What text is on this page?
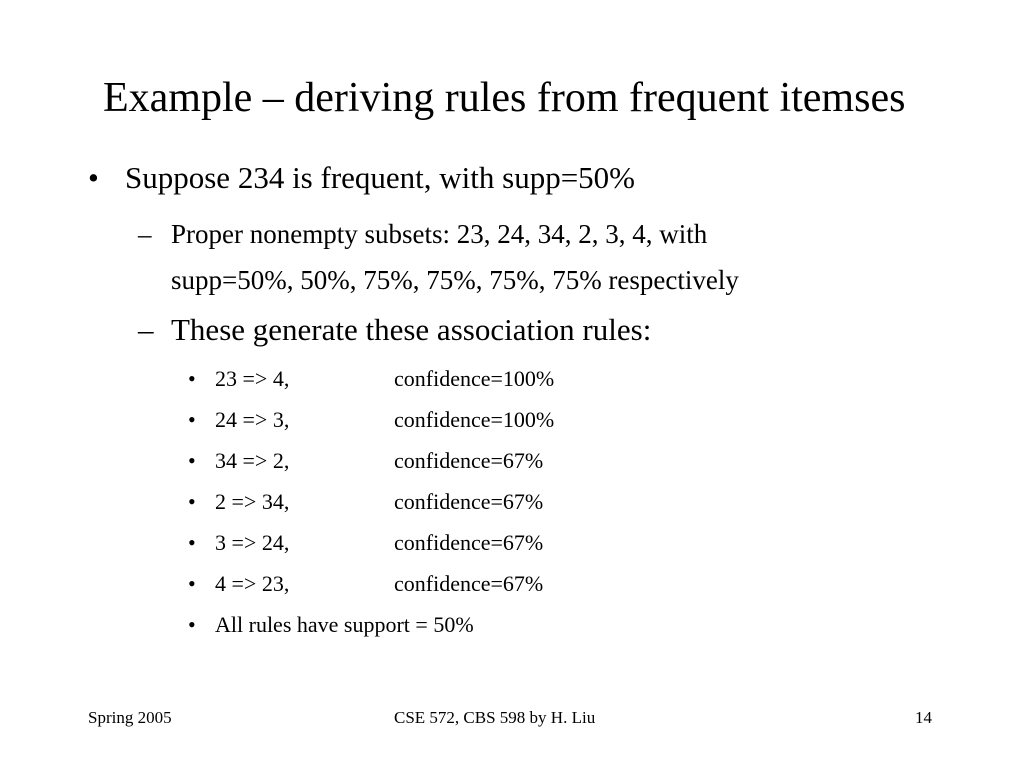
Example – deriving rules from frequent itemses
• Suppose 234 is frequent, with supp=50%
– Proper nonempty subsets: 23, 24, 34, 2, 3, 4, with
supp=50%, 50%, 75%, 75%, 75%, 75% respectively
– These generate these association rules:
• 23 => 4,	confidence=100%
• 24 => 3,	confidence=100%
• 34 => 2,	confidence=67%
• 2 => 34,	confidence=67%
• 3 => 24,	confidence=67%
• 4 => 23,	confidence=67%
• All rules have support = 50%
Spring 2005	CSE 572, CBS 598 by H. Liu	14
